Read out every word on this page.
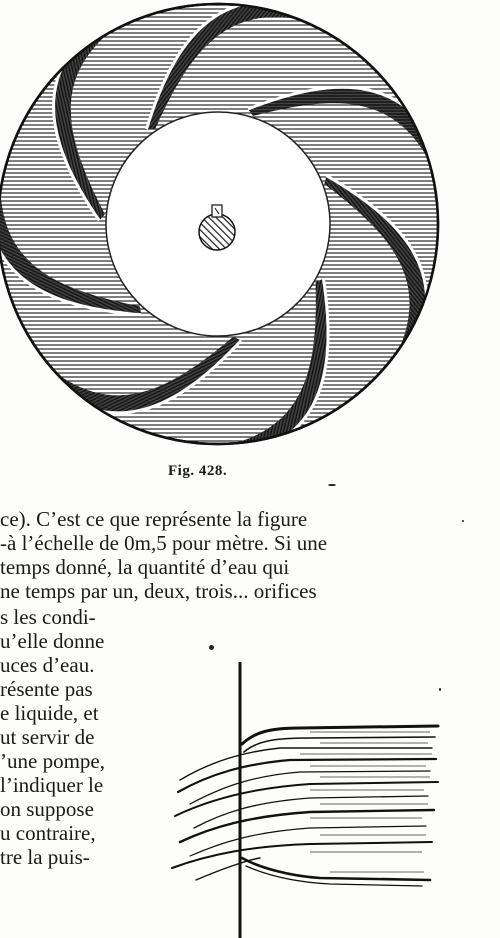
Fig. 428.
ce). C’est ce que représente la figure
-à l’échelle de 0m,5 pour mètre. Si une
temps donné, la quantité d’eau qui
ne temps par un, deux, trois... orifices
s les condi-
u’elle donne
uces d’eau.
résente pas
e liquide, et
ut servir de
’une pompe,
l’indiquer le
on suppose
u contraire,
tre la puis-
